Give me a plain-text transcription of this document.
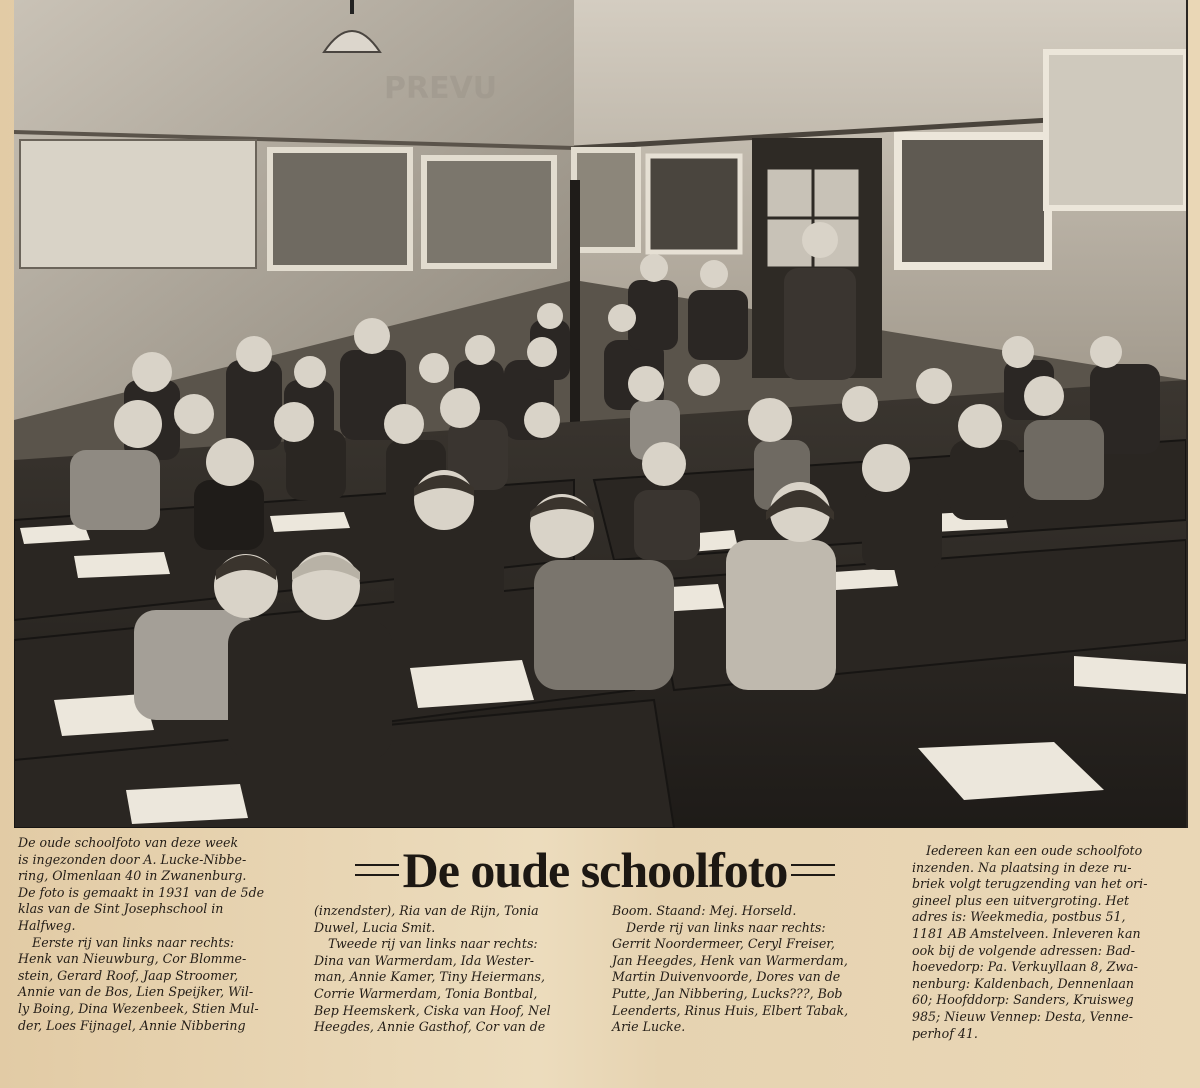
PREVU
De oude schoolfoto
De oude schoolfoto van deze week
is ingezonden door A. Lucke-Nibbe-
ring, Olmenlaan 40 in Zwanenburg.
De foto is gemaakt in 1931 van de 5de
klas van de Sint Josephschool in
Halfweg.
Eerste rij van links naar rechts:
Henk van Nieuwburg, Cor Blomme-
stein, Gerard Roof, Jaap Stroomer,
Annie van de Bos, Lien Speijker, Wil-
ly Boing, Dina Wezenbeek, Stien Mul-
der, Loes Fijnagel, Annie Nibbering
(inzendster), Ria van de Rijn, Tonia
Duwel, Lucia Smit.
Tweede rij van links naar rechts:
Dina van Warmerdam, Ida Wester-
man, Annie Kamer, Tiny Heiermans,
Corrie Warmerdam, Tonia Bontbal,
Bep Heemskerk, Ciska van Hoof, Nel
Heegdes, Annie Gasthof, Cor van de
Boom. Staand: Mej. Horseld.
Derde rij van links naar rechts:
Gerrit Noordermeer, Ceryl Freiser,
Jan Heegdes, Henk van Warmerdam,
Martin Duivenvoorde, Dores van de
Putte, Jan Nibbering, Lucks???, Bob
Leenderts, Rinus Huis, Elbert Tabak,
Arie Lucke.
Iedereen kan een oude schoolfoto
inzenden. Na plaatsing in deze ru-
briek volgt terugzending van het ori-
gineel plus een uitvergroting. Het
adres is: Weekmedia, postbus 51,
1181 AB Amstelveen. Inleveren kan
ook bij de volgende adressen: Bad-
hoevedorp: Pa. Verkuyllaan 8, Zwa-
nenburg: Kaldenbach, Dennenlaan
60; Hoofddorp: Sanders, Kruisweg
985; Nieuw Vennep: Desta, Venne-
perhof 41.
